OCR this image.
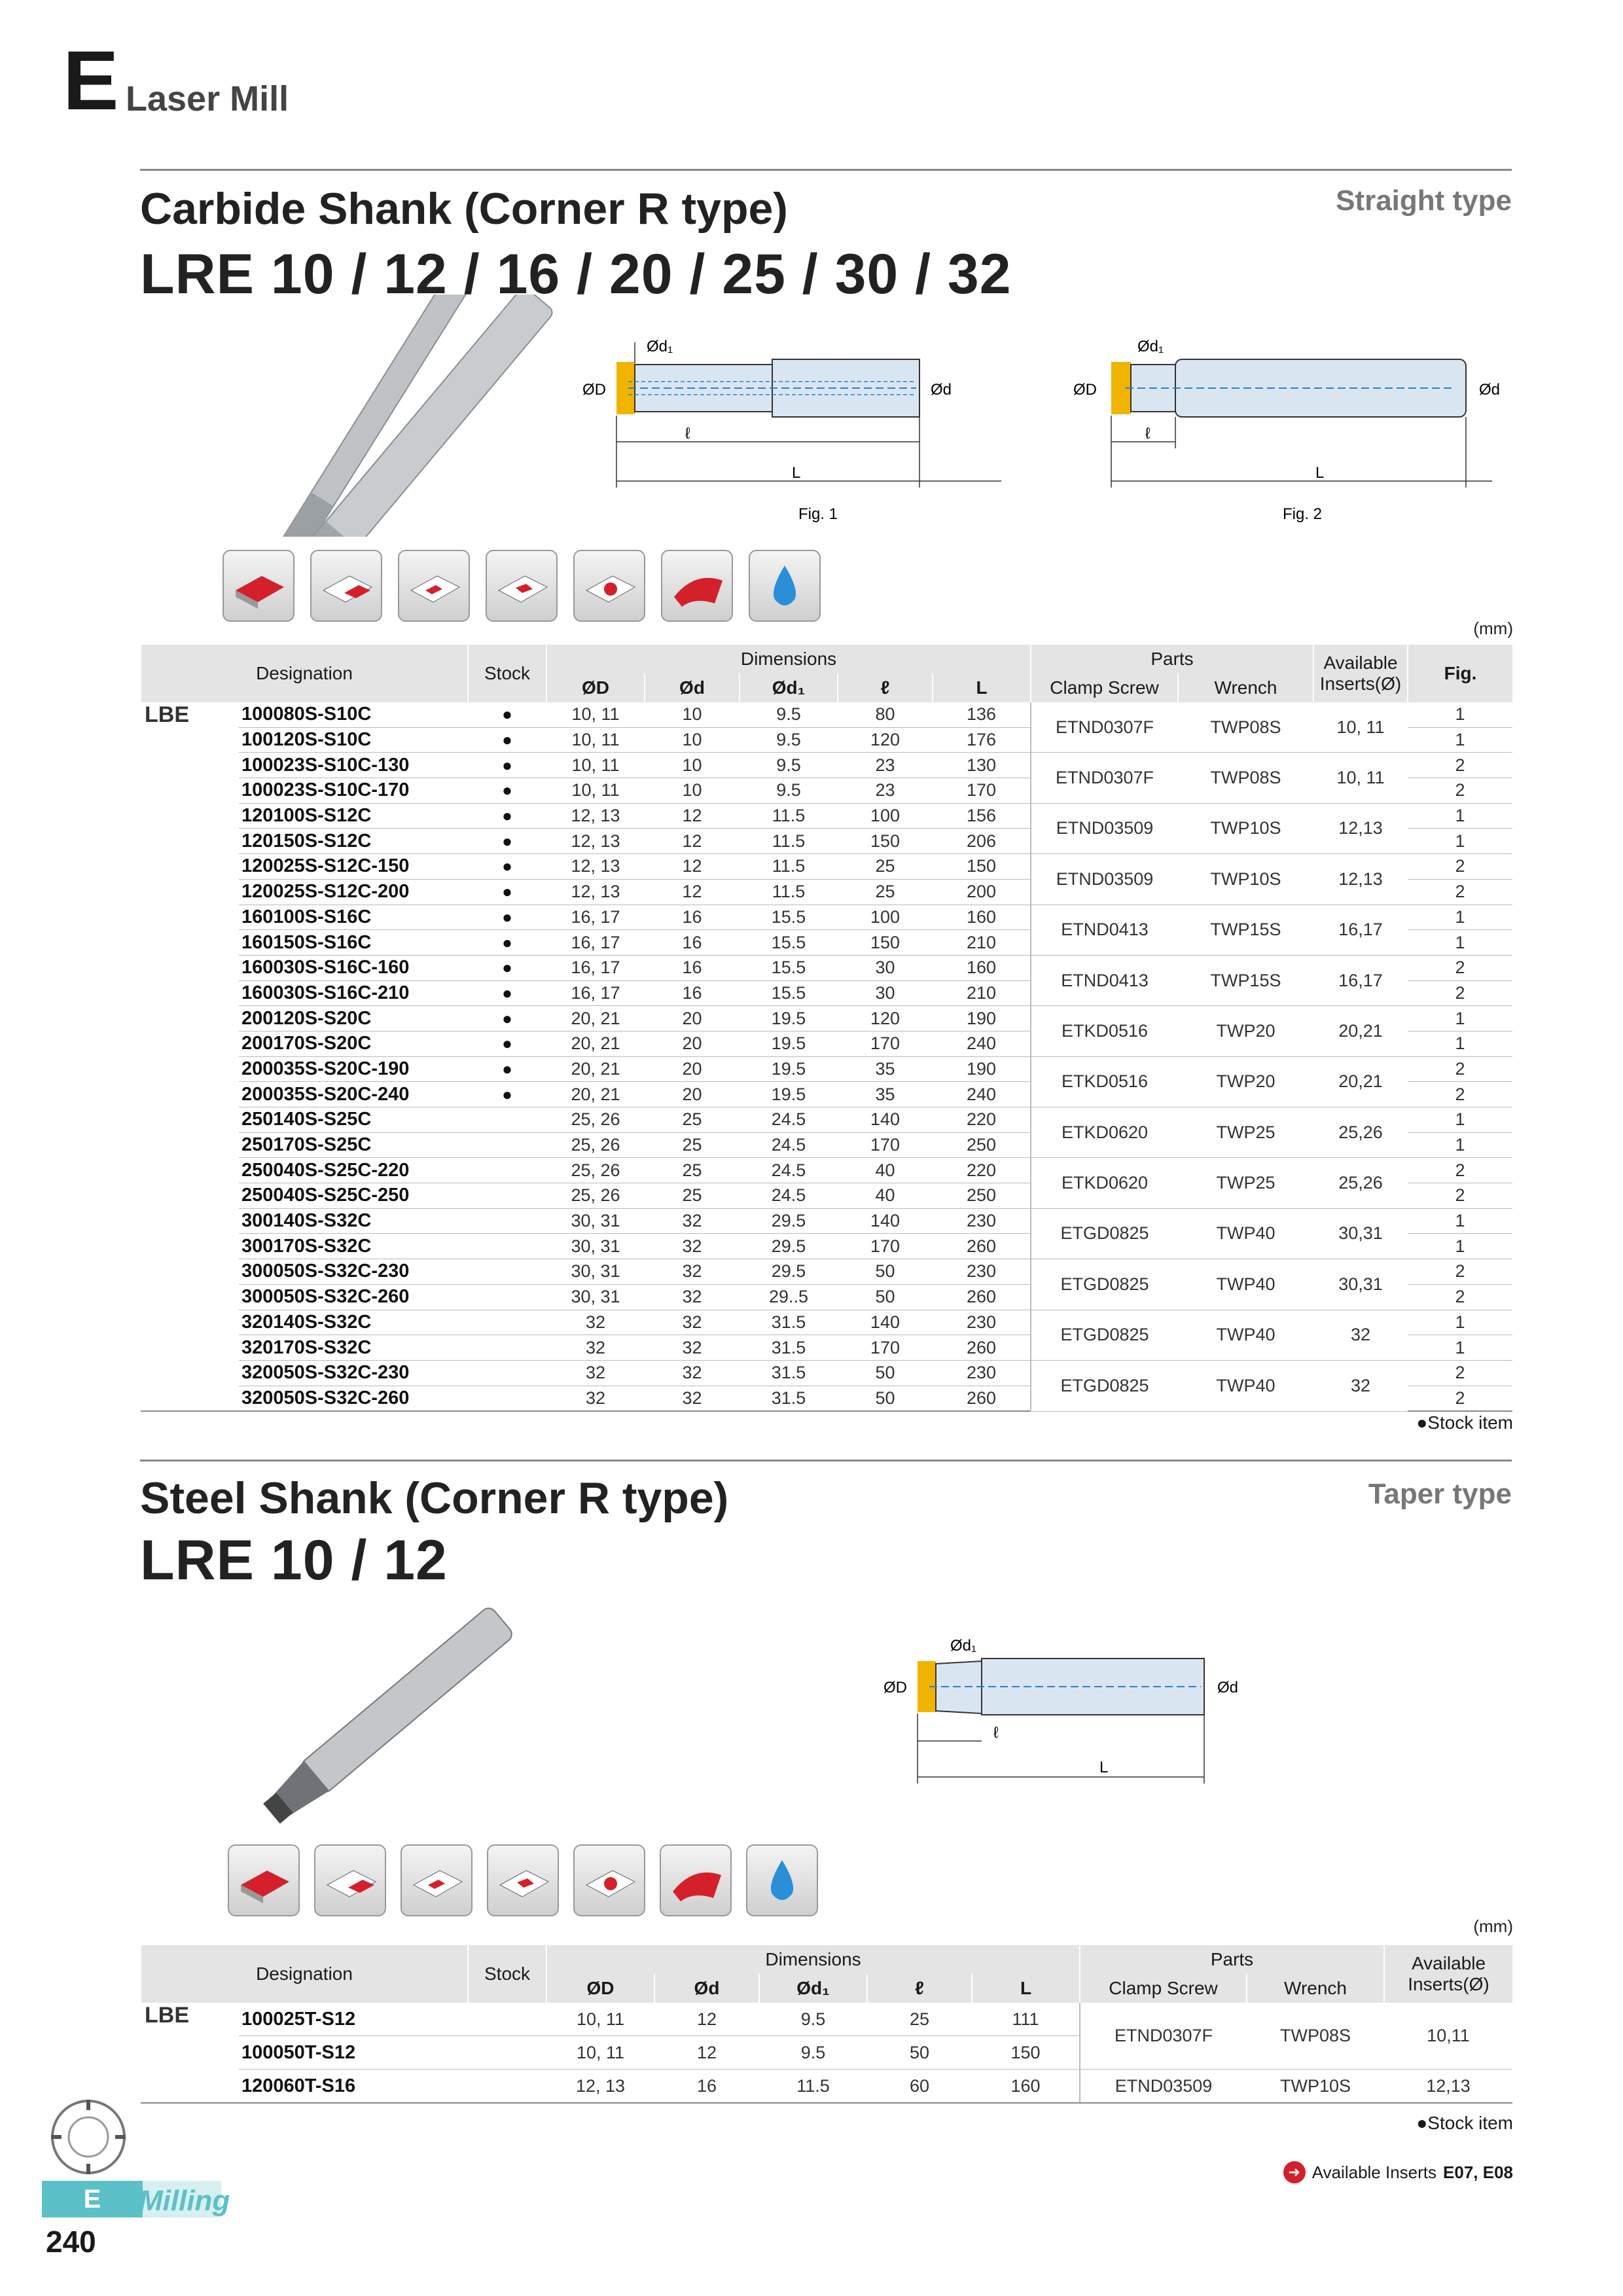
E Laser Mill
Carbide Shank (Corner R type)
LRE 10 / 12 / 16 / 20 / 25 / 30 / 32
Straight type
Ød₁
ØD	Ød
ℓ
L
Fig. 1
Ød₁
ØD	Ød
ℓ
L
Fig. 2
(mm)
Designation		Stock	Dimensions					Parts		Available
Inserts(Ø)	Fig.
			ØD	Ød	Ød₁	ℓ	L	Clamp Screw	Wrench		
LBE	100080S-S10C	●	10, 11	10	9.5	80	136	ETND0307F	TWP08S	10, 11	1
	100120S-S10C	●	10, 11	10	9.5	120	176				1
	100023S-S10C-130	●	10, 11	10	9.5	23	130	ETND0307F	TWP08S	10, 11	2
	100023S-S10C-170	●	10, 11	10	9.5	23	170				2
	120100S-S12C	●	12, 13	12	11.5	100	156	ETND03509	TWP10S	12,13	1
	120150S-S12C	●	12, 13	12	11.5	150	206				1
	120025S-S12C-150	●	12, 13	12	11.5	25	150	ETND03509	TWP10S	12,13	2
	120025S-S12C-200	●	12, 13	12	11.5	25	200				2
	160100S-S16C	●	16, 17	16	15.5	100	160	ETND0413	TWP15S	16,17	1
	160150S-S16C	●	16, 17	16	15.5	150	210				1
	160030S-S16C-160	●	16, 17	16	15.5	30	160	ETND0413	TWP15S	16,17	2
	160030S-S16C-210	●	16, 17	16	15.5	30	210				2
	200120S-S20C	●	20, 21	20	19.5	120	190	ETKD0516	TWP20	20,21	1
	200170S-S20C	●	20, 21	20	19.5	170	240				1
	200035S-S20C-190	●	20, 21	20	19.5	35	190	ETKD0516	TWP20	20,21	2
	200035S-S20C-240	●	20, 21	20	19.5	35	240				2
	250140S-S25C		25, 26	25	24.5	140	220	ETKD0620	TWP25	25,26	1
	250170S-S25C		25, 26	25	24.5	170	250				1
	250040S-S25C-220		25, 26	25	24.5	40	220	ETKD0620	TWP25	25,26	2
	250040S-S25C-250		25, 26	25	24.5	40	250				2
	300140S-S32C		30, 31	32	29.5	140	230	ETGD0825	TWP40	30,31	1
	300170S-S32C		30, 31	32	29.5	170	260				1
	300050S-S32C-230		30, 31	32	29.5	50	230	ETGD0825	TWP40	30,31	2
	300050S-S32C-260		30, 31	32	29..5	50	260				2
	320140S-S32C		32	32	31.5	140	230	ETGD0825	TWP40	32	1
	320170S-S32C		32	32	31.5	170	260				1
	320050S-S32C-230		32	32	31.5	50	230	ETGD0825	TWP40	32	2
	320050S-S32C-260		32	32	31.5	50	260				2
●Stock item
Steel Shank (Corner R type)
LRE 10 / 12
Taper type
Ød₁
ØD	Ød
ℓ
L
(mm)
Designation		Stock	Dimensions					Parts		Available
Inserts(Ø)
			ØD	Ød	Ød₁	ℓ	L	Clamp Screw	Wrench	
LBE	100025T-S12		10, 11	12	9.5	25	111	ETND0307F	TWP08S	10,11
	100050T-S12		10, 11	12	9.5	50	150			
	120060T-S16		12, 13	16	11.5	60	160	ETND03509	TWP10S	12,13
●Stock item
➜ Available Inserts E07, E08
E	Milling
240
